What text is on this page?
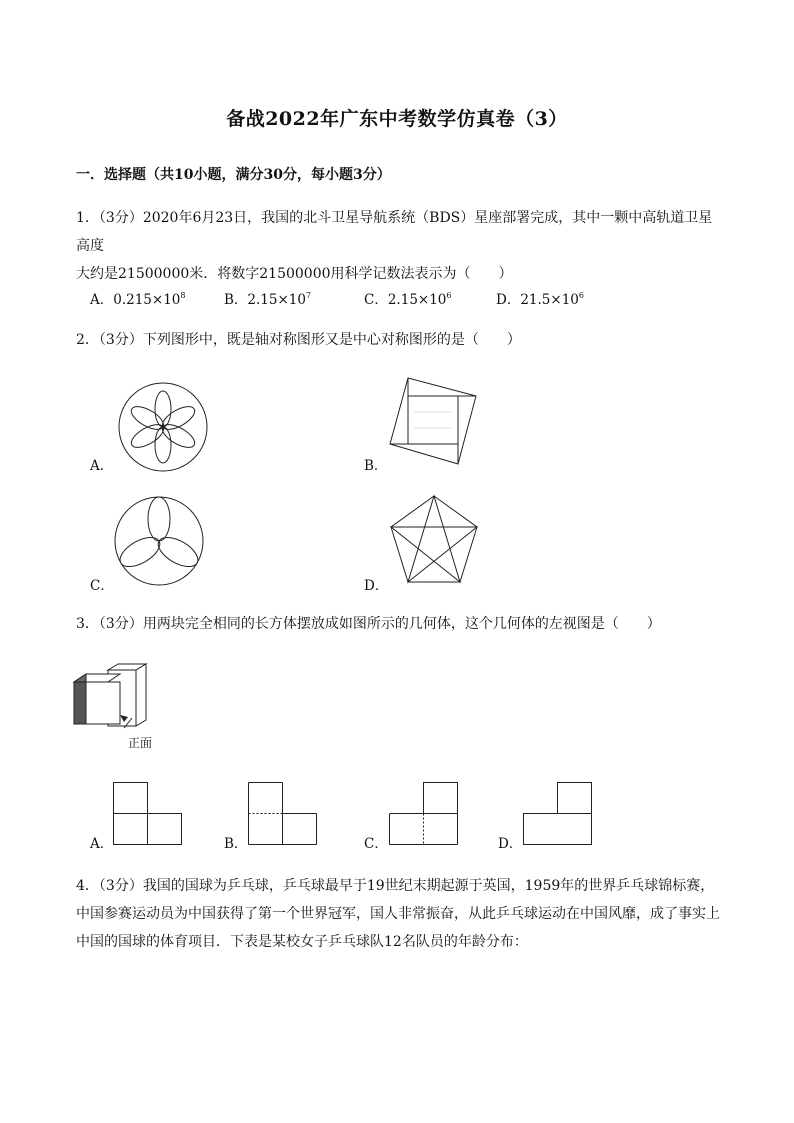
备战2022年广东中考数学仿真卷（3）
一．选择题（共10小题，满分30分，每小题3分）
1．（3分）2020年6月23日，我国的北斗卫星导航系统（BDS）星座部署完成，其中一颗中高轨道卫星高度
大约是21500000米．将数字21500000用科学记数法表示为（　　）
A．$0.215\times 10^8$	B．$2.15\times 10^7$	C．$2.15\times 10^6$	D．$21.5\times 10^6$
2．（3分）下列图形中，既是轴对称图形又是中心对称图形的是（　　）
A．	B．
C．	D．
3．（3分）用两块完全相同的长方体摆放成如图所示的几何体，这个几何体的左视图是（　　）
正面
A．	B．	C．	D．
4．（3分）我国的国球为乒乓球，乒乓球最早于19世纪末期起源于英国，1959年的世界乒乓球锦标赛，
中国参赛运动员为中国获得了第一个世界冠军，国人非常振奋，从此乒乓球运动在中国风靡，成了事实上
中国的国球的体育项目．下表是某校女子乒乓球队12名队员的年龄分布：
